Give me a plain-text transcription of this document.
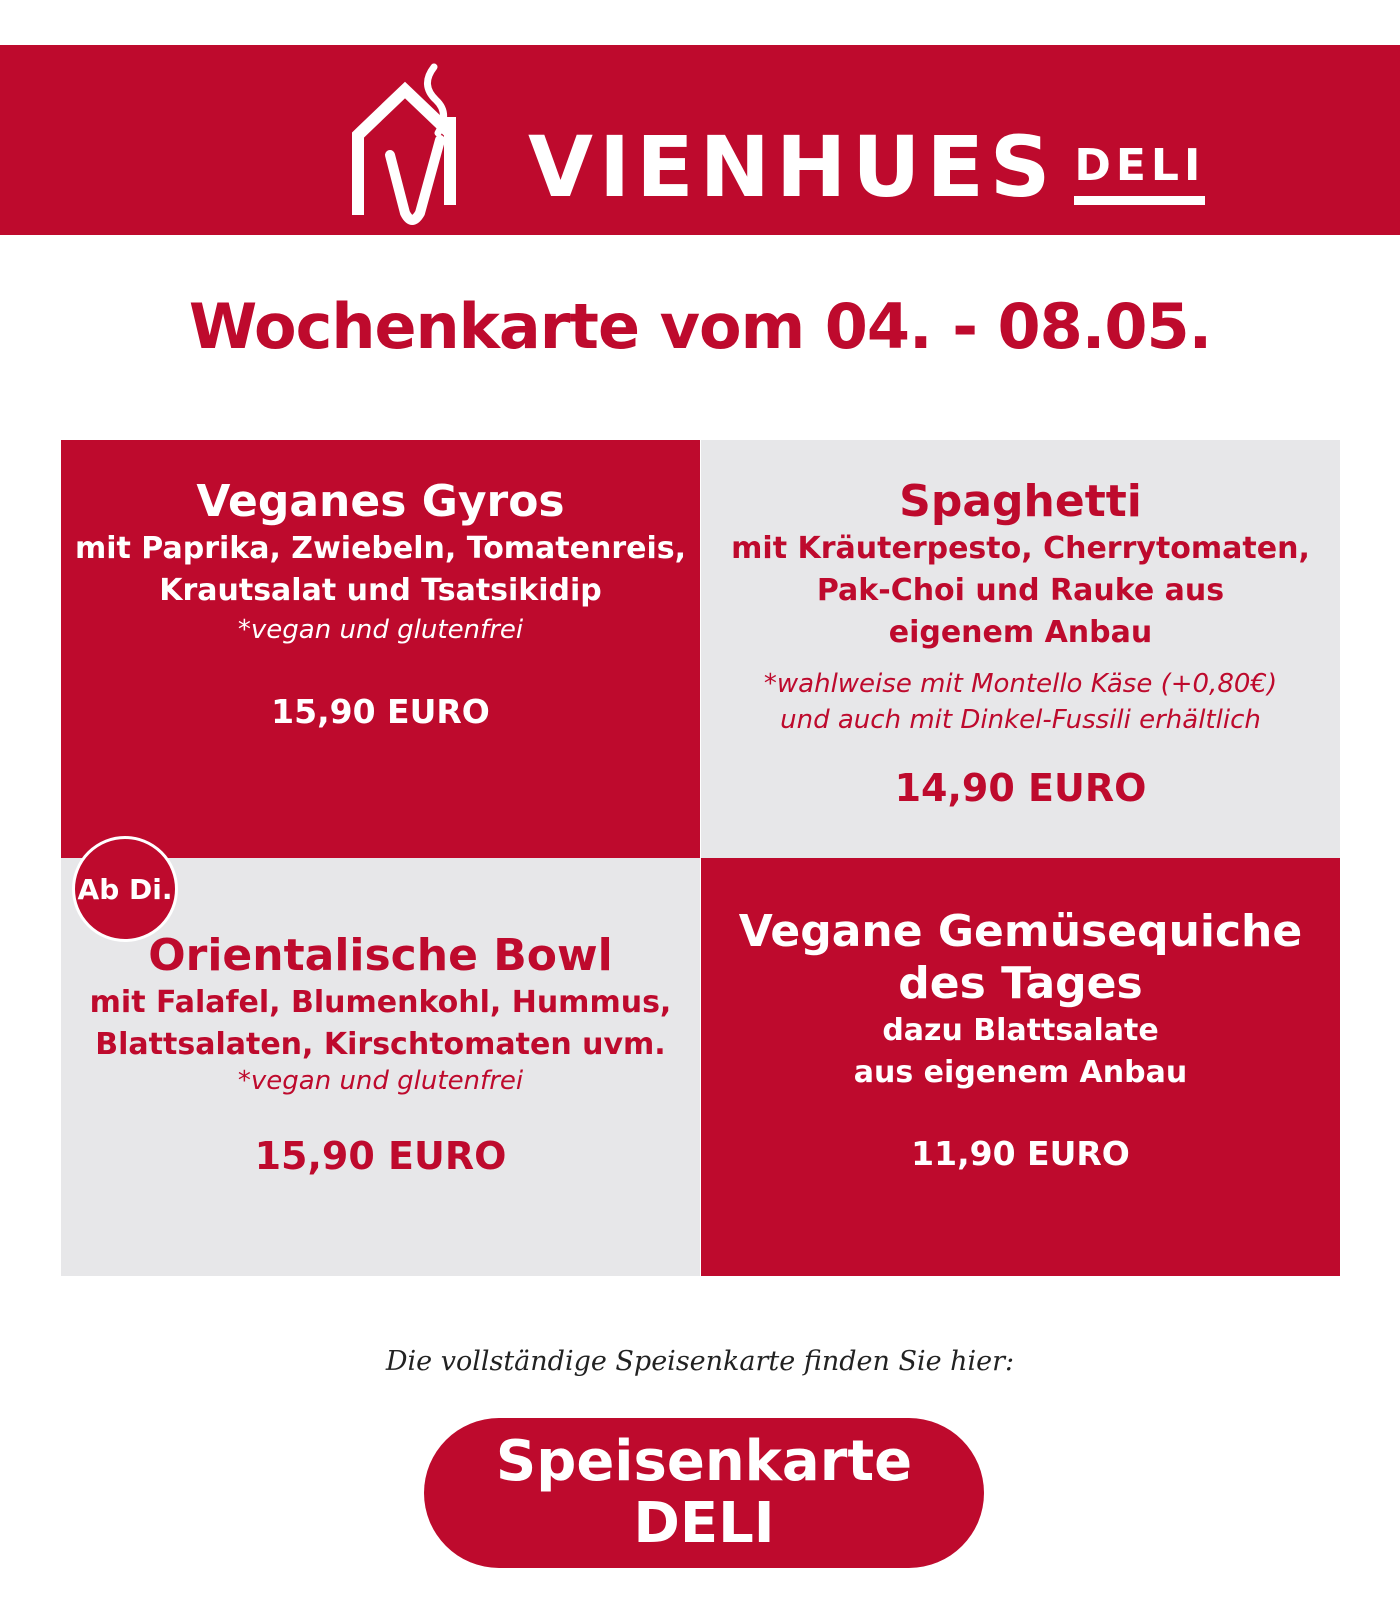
VIENHUES DELI
Wochenkarte vom 04. - 08.05.
Veganes Gyros
mit Paprika, Zwiebeln, Tomatenreis,
Krautsalat und Tsatsikidip
*vegan und glutenfrei
15,90 EURO
Spaghetti
mit Kräuterpesto, Cherrytomaten,
Pak-Choi und Rauke aus
eigenem Anbau
*wahlweise mit Montello Käse (+0,80€)
und auch mit Dinkel-Fussili erhältlich
14,90 EURO
Orientalische Bowl
mit Falafel, Blumenkohl, Hummus,
Blattsalaten, Kirschtomaten uvm.
*vegan und glutenfrei
15,90 EURO
Vegane Gemüsequiche
des Tages
dazu Blattsalate
aus eigenem Anbau
11,90 EURO
Ab Di.
Die vollständige Speisenkarte finden Sie hier:
Speisenkarte
DELI
